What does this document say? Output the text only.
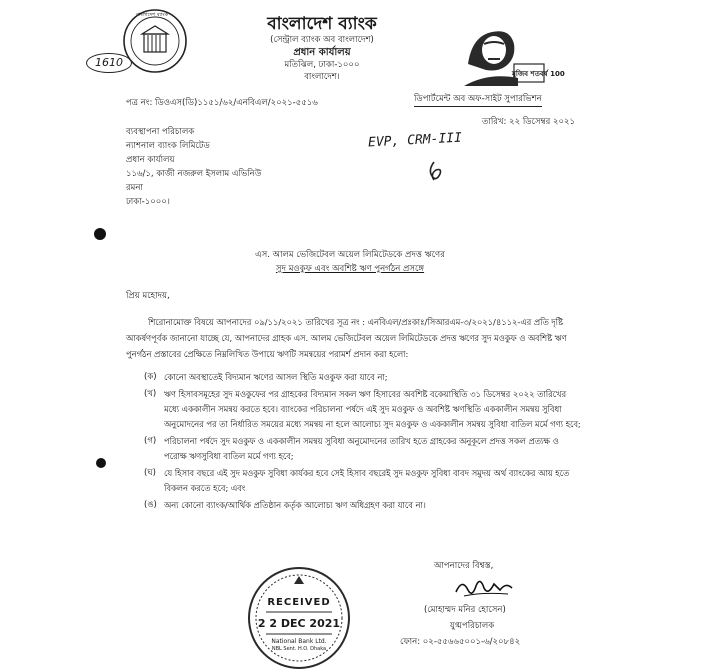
বাংলাদেশ ব্যাংক
1610
বাংলাদেশ ব্যাংক
(সেন্ট্রাল ব্যাংক অব বাংলাদেশ)
প্রধান কার্যালয়
মতিঝিল, ঢাকা-১০০০
বাংলাদেশ।	মুজিব শতবর্ষ 100
পত্র নং: ডিওএস(ডি)১১৫১/৬২/এনবিএল/২০২১-৫৫১৬	ডিপার্টমেন্ট অব অফ-সাইট সুপারভিশন
তারিখ: ২২ ডিসেম্বর ২০২১
EVP, CRM-III
ব্যবস্থাপনা পরিচালক
ন্যাশনাল ব্যাংক লিমিটেড
প্রধান কার্যালয়
১১৬/১, কাজী নজরুল ইসলাম এভিনিউ
রমনা
ঢাকা-১০০০।
এস. আলম ভেজিটেবল অয়েল লিমিটেডকে প্রদত্ত ঋণের
সুদ মওকুফ এবং অবশিষ্ট ঋণ পুনর্গঠন প্রসঙ্গে
প্রিয় মহোদয়,
শিরোনামোক্ত বিষয়ে আপনাদের ০৯/১১/২০২১ তারিখের সূত্র নং : এনবিএল/প্রঃকাঃ/সিআরএম-৩/২০২১/৪১১২-এর প্রতি দৃষ্টি
আকর্ষণপূর্বক জানানো যাচ্ছে যে, আপনাদের গ্রাহক এস. আলম ভেজিটেবল অয়েল লিমিটেডকে প্রদত্ত ঋণের সুদ মওকুফ ও অবশিষ্ট ঋণ
পুনর্গঠন প্রস্তাবের প্রেক্ষিতে নিম্নলিখিত উপায়ে ঋণটি সমন্বয়ের পরামর্শ প্রদান করা হলো:
(ক) কোনো অবস্থাতেই বিদ্যমান ঋণের আসল স্থিতি মওকুফ করা যাবে না;
(খ) ঋণ হিসাবসমূহের সুদ মওকুফের পর গ্রাহকের বিদ্যমান সকল ঋণ হিসাবের অবশিষ্ট বকেয়াস্থিতি ৩১ ডিসেম্বর ২০২২ তারিখের
মধ্যে এককালীন সমন্বয় করতে হবে। ব্যাংকের পরিচালনা পর্ষদে এই সুদ মওকুফ ও অবশিষ্ট ঋণস্থিতি এককালীন সমন্বয় সুবিধা
অনুমোদনের পর তা নির্ধারিত সময়ের মধ্যে সমন্বয় না হলে আলোচ্য সুদ মওকুফ ও এককালীন সমন্বয় সুবিধা বাতিল মর্মে গণ্য হবে;
(গ) পরিচালনা পর্ষদে সুদ মওকুফ ও এককালীন সমন্বয় সুবিধা অনুমোদনের তারিখ হতে গ্রাহকের অনুকূলে প্রদত্ত সকল প্রত্যক্ষ ও
পরোক্ষ ঋণসুবিধা বাতিল মর্মে গণ্য হবে;
(ঘ) যে হিসাব বছরে এই সুদ মওকুফ সুবিধা কার্যকর হবে সেই হিসাব বছরেই সুদ মওকুফ সুবিধা বাবদ সমুদয় অর্থ ব্যাংকের আয় হতে
বিকলন করতে হবে; এবং
(ঙ) অন্য কোনো ব্যাংক/আর্থিক প্রতিষ্ঠান কর্তৃক আলোচ্য ঋণ অধিগ্রহণ করা যাবে না।
আপনাদের বিশ্বস্ত,
(মোহাম্মদ মনির হোসেন)
যুগ্মপরিচালক
ফোন: ০২-৫৫৬৬৫০০১-৬/২০৮৪২
RECEIVED
2 2 DEC 2021
National Bank Ltd.
NBL Sent. H.O. Dhaka
